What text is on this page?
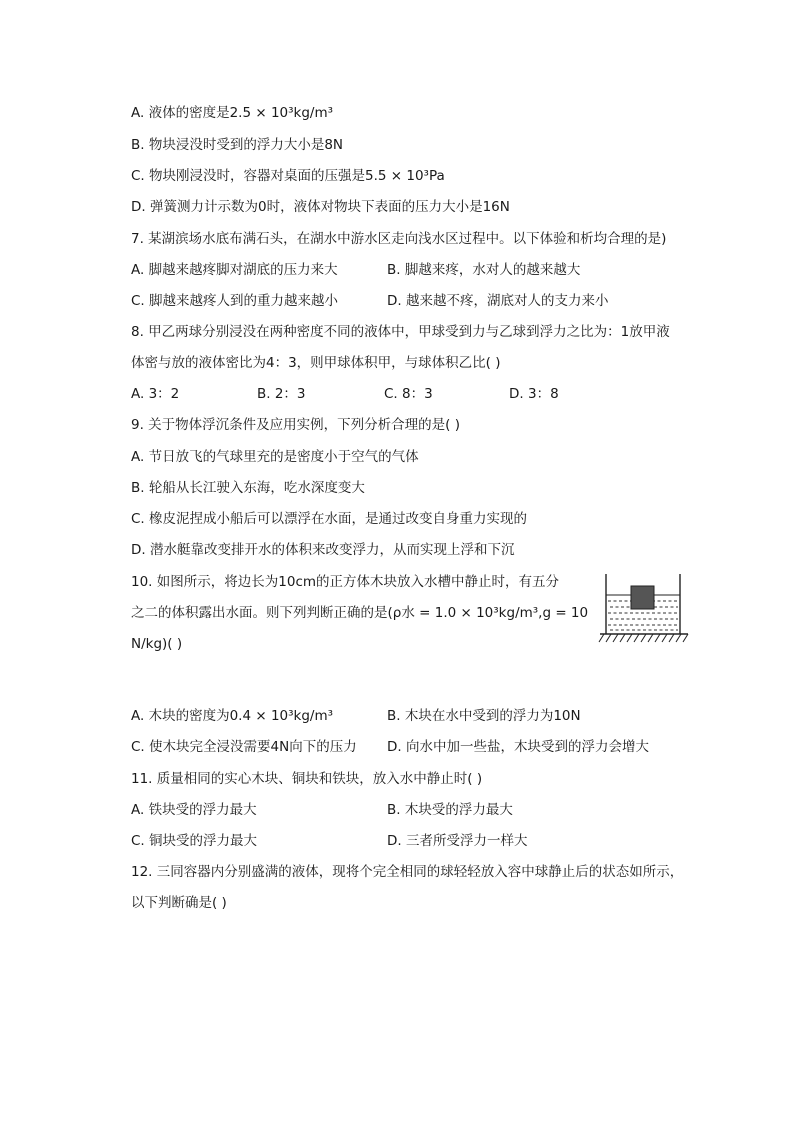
A. 液体的密度是2.5 × 10³kg/m³
B. 物块浸没时受到的浮力大小是8N
C. 物块刚浸没时，容器对桌面的压强是5.5 × 10³Pa
D. 弹簧测力计示数为0时，液体对物块下表面的压力大小是16N
7. 某湖滨场水底布满石头，在湖水中游水区走向浅水区过程中。以下体验和析均合理的是)
A. 脚越来越疼脚对湖底的压力来大	B. 脚越来疼，水对人的越来越大
C. 脚越来越疼人到的重力越来越小	D. 越来越不疼，湖底对人的支力来小
8. 甲乙两球分别浸没在两种密度不同的液体中，甲球受到力与乙球到浮力之比为：1放甲液
体密与放的液体密比为4：3，则甲球体积甲，与球体积乙比( )
A. 3：2	B. 2：3	C. 8：3	D. 3：8
9. 关于物体浮沉条件及应用实例，下列分析合理的是( )
A. 节日放飞的气球里充的是密度小于空气的气体
B. 轮船从长江驶入东海，吃水深度变大
C. 橡皮泥捏成小船后可以漂浮在水面，是通过改变自身重力实现的
D. 潜水艇靠改变排开水的体积来改变浮力，从而实现上浮和下沉
10. 如图所示，将边长为10cm的正方体木块放入水槽中静止时，有五分
之二的体积露出水面。则下列判断正确的是(ρ水 = 1.0 × 10³kg/m³,g = 10
N/kg)( )
A. 木块的密度为0.4 × 10³kg/m³	B. 木块在水中受到的浮力为10N
C. 使木块完全浸没需要4N向下的压力 D. 向水中加一些盐，木块受到的浮力会增大
11. 质量相同的实心木块、铜块和铁块，放入水中静止时( )
A. 铁块受的浮力最大	B. 木块受的浮力最大
C. 铜块受的浮力最大	D. 三者所受浮力一样大
12. 三同容器内分别盛满的液体，现将个完全相同的球轻轻放入容中球静止后的状态如所示，
以下判断确是( )
